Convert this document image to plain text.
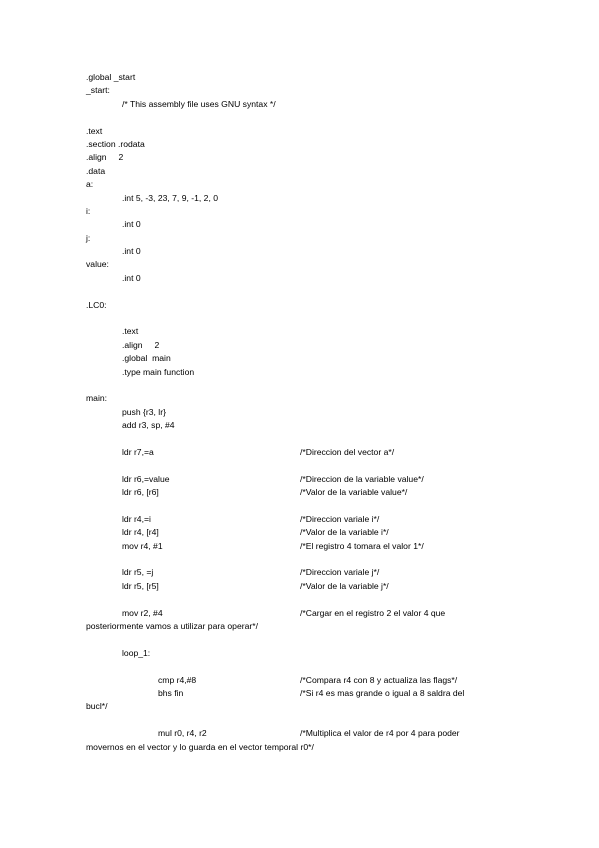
.global _start
_start:
/* This assembly file uses GNU syntax */
.text
.section .rodata
.align     2
.data
a:
.int 5, -3, 23, 7, 9, -1, 2, 0
i:
.int 0
j:
.int 0
value:
.int 0
.LC0:
.text
.align     2
.global  main
.type main function
main:
push {r3, lr}
add r3, sp, #4
ldr r7,=a	/*Direccion del vector a*/
ldr r6,=value	/*Direccion de la variable value*/
ldr r6, [r6]	/*Valor de la variable value*/
ldr r4,=i	/*Direccion variale i*/
ldr r4, [r4]	/*Valor de la variable i*/
mov r4, #1	/*El registro 4 tomara el valor 1*/
ldr r5, =j	/*Direccion variale j*/
ldr r5, [r5]	/*Valor de la variable j*/
mov r2, #4	/*Cargar en el registro 2 el valor 4 que
posteriormente vamos a utilizar para operar*/
loop_1:
cmp r4,#8	/*Compara r4 con 8 y actualiza las flags*/
bhs fin	/*Si r4 es mas grande o igual a 8 saldra del
bucl*/
mul r0, r4, r2	/*Multiplica el valor de r4 por 4 para poder
movernos en el vector y lo guarda en el vector temporal r0*/
